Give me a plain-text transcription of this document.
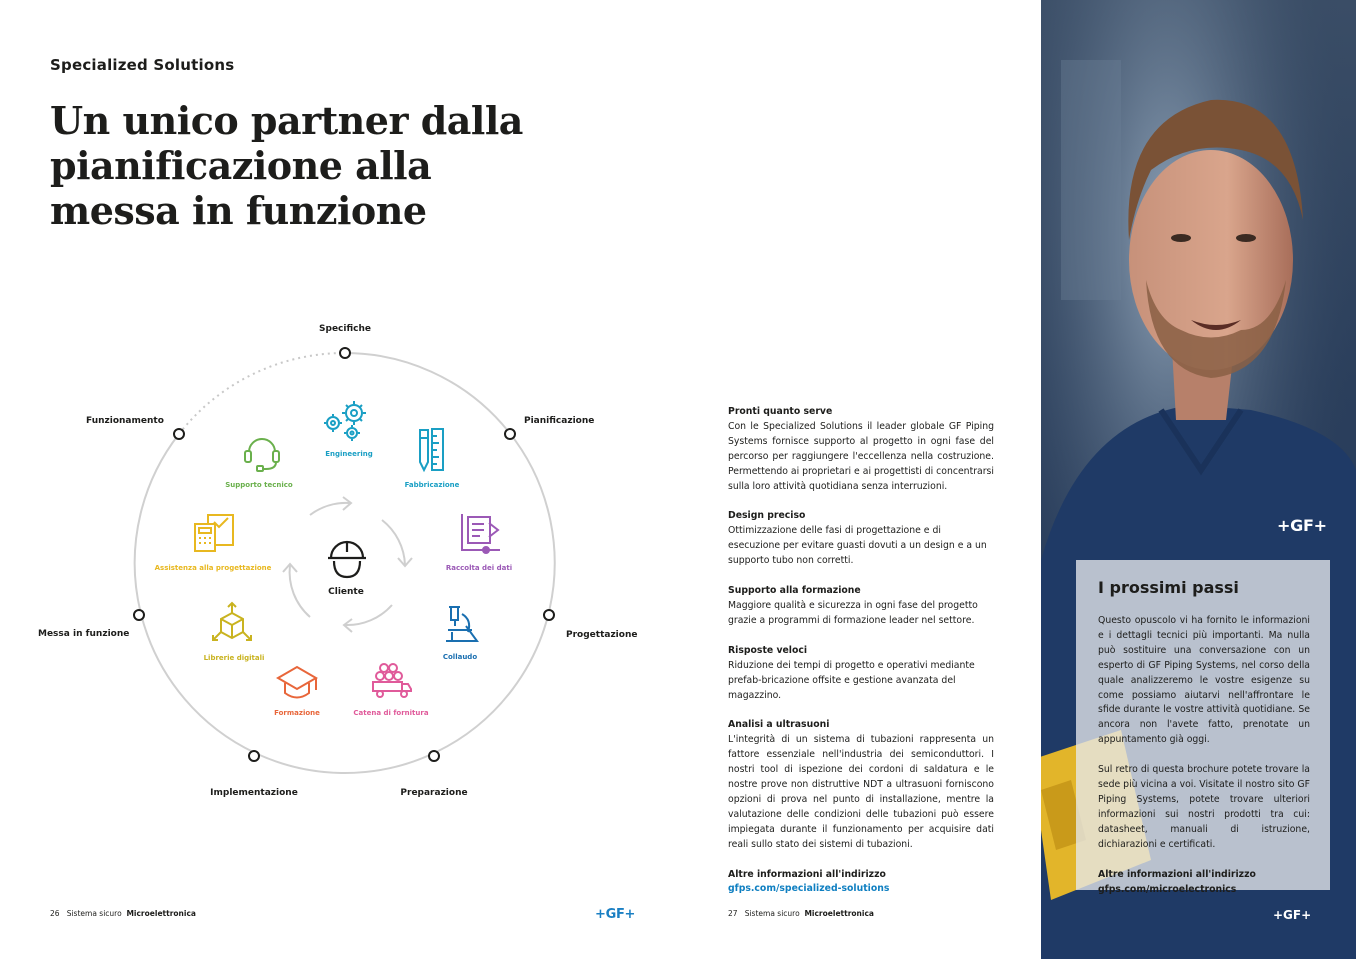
Specialized Solutions
Un unico partner dalla
pianificazione alla
messa in funzione
Cliente
Specifiche
Pianificazione
Progettazione
Preparazione
Implementazione
Messa in funzione
Funzionamento
Engineering
Fabbricazione
Raccolta dei dati
Collaudo
Catena di fornitura
Formazione
Librerie digitali
Assistenza alla progettazione
Supporto tecnico
26 Sistema sicuro Microelettronica	+GF+
Pronti quanto serve
Con le Specialized Solutions il leader globale GF Piping Systems fornisce supporto al progetto in ogni fase del percorso per raggiungere l'eccellenza nella costruzione. Permettendo ai proprietari e ai progettisti di concentrarsi sulla loro attività quotidiana senza interruzioni.
Design preciso
Ottimizzazione delle fasi di progettazione e di esecuzione per evitare guasti dovuti a un design e a un supporto tubo non corretti.
Supporto alla formazione
Maggiore qualità e sicurezza in ogni fase del progetto grazie a programmi di formazione leader nel settore.
Risposte veloci
Riduzione dei tempi di progetto e operativi mediante prefab-bricazione offsite e gestione avanzata del magazzino.
Analisi a ultrasuoni
L'integrità di un sistema di tubazioni rappresenta un fattore essenziale nell'industria dei semiconduttori. I nostri tool di ispezione dei cordoni di saldatura e le nostre prove non distruttive NDT a ultrasuoni forniscono opzioni di prova nel punto di installazione, mentre la valutazione delle condizioni delle tubazioni può essere impiegata durante il funzionamento per acquisire dati reali sullo stato dei sistemi di tubazioni.
Altre informazioni all'indirizzo
gfps.com/specialized-solutions
27 Sistema sicuro Microelettronica
+GF+
+GF+
I prossimi passi

Questo opuscolo vi ha fornito le informazioni e i dettagli tecnici più importanti. Ma nulla può sostituire una conversazione con un esperto di GF Piping Systems, nel corso della quale analizzeremo le vostre esigenze su come possiamo aiutarvi nell'affrontare le sfide durante le vostre attività quotidiane. Se ancora non l'avete fatto, prenotate un appuntamento già oggi.

Sul retro di questa brochure potete trovare la sede più vicina a voi. Visitate il nostro sito GF Piping Systems, potete trovare ulteriori informazioni sui nostri prodotti tra cui: datasheet, manuali di istruzione, dichiarazioni e certificati.

Altre informazioni all'indirizzo
gfps.com/microelectronics
